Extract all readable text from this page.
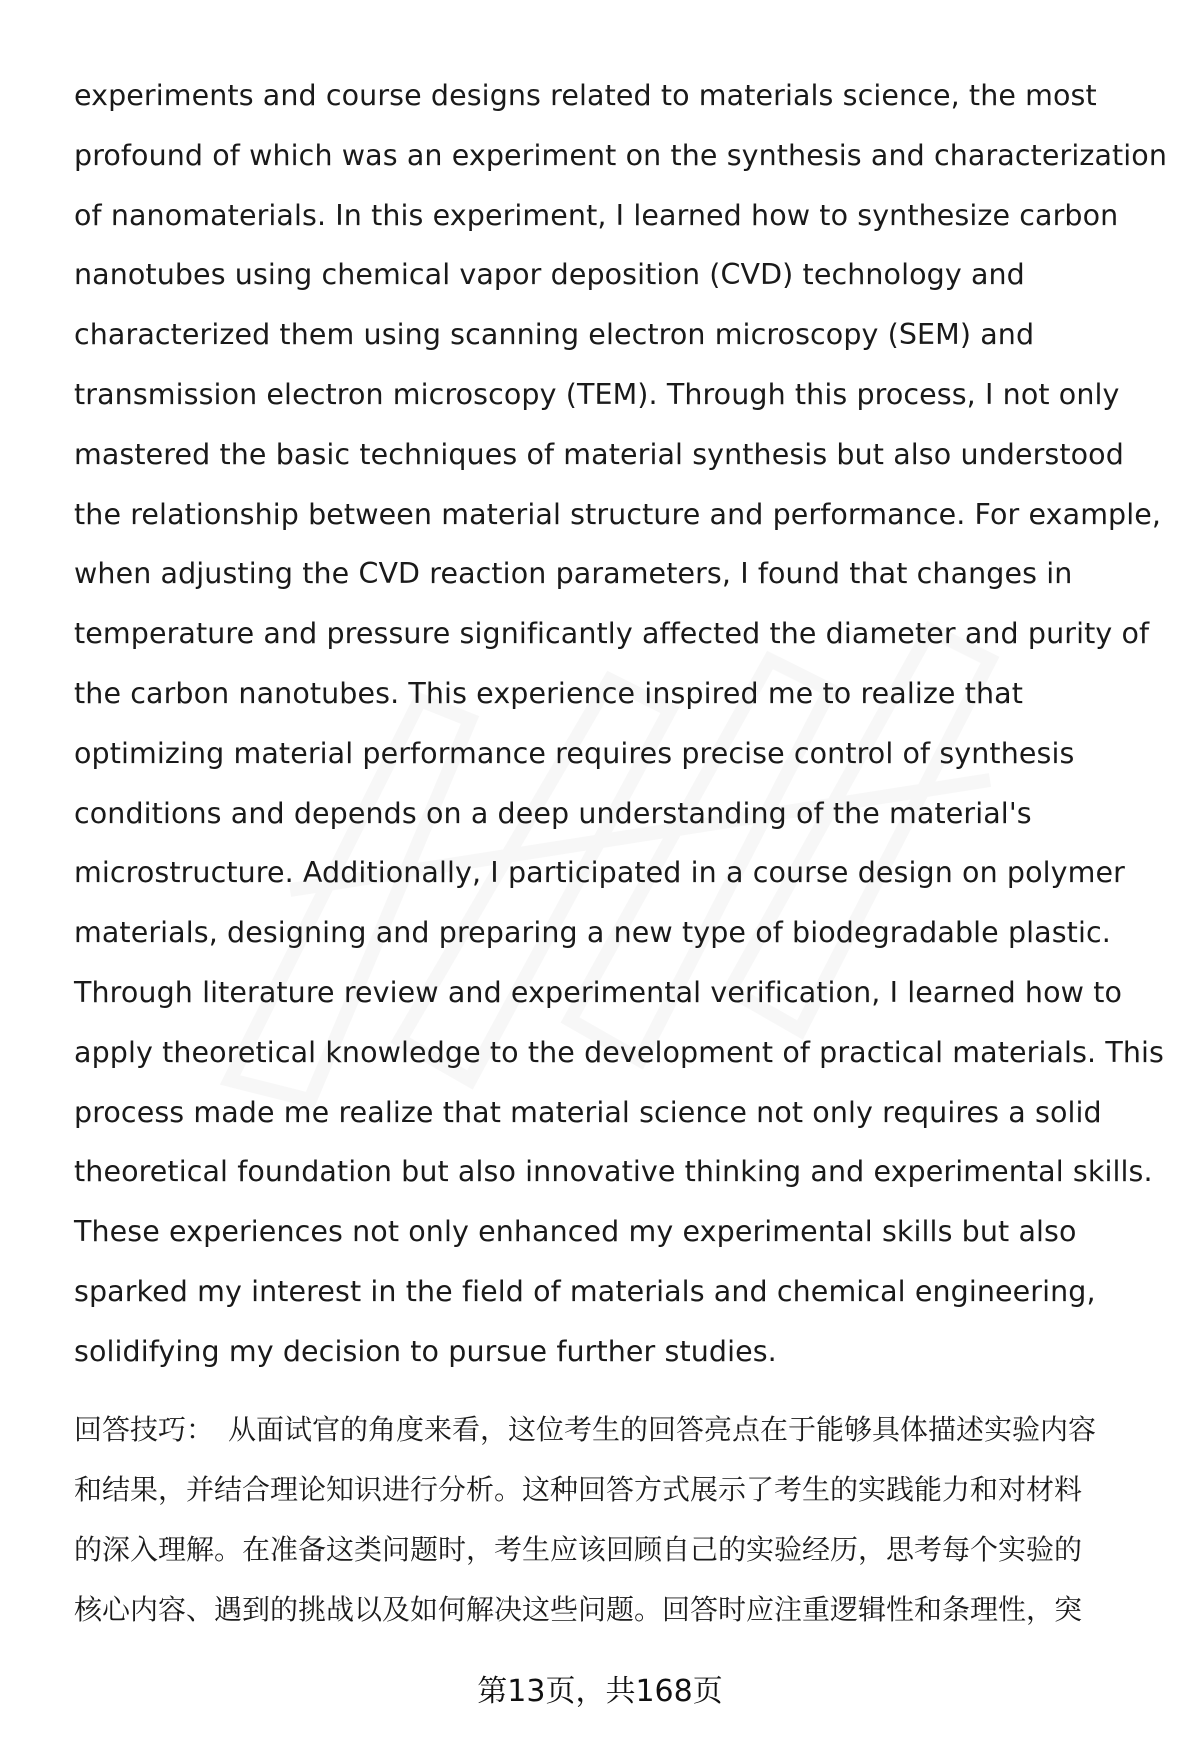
experiments and course designs related to materials science, the most
profound of which was an experiment on the synthesis and characterization
of nanomaterials. In this experiment, I learned how to synthesize carbon
nanotubes using chemical vapor deposition (CVD) technology and
characterized them using scanning electron microscopy (SEM) and
transmission electron microscopy (TEM). Through this process, I not only
mastered the basic techniques of material synthesis but also understood
the relationship between material structure and performance. For example,
when adjusting the CVD reaction parameters, I found that changes in
temperature and pressure significantly affected the diameter and purity of
the carbon nanotubes. This experience inspired me to realize that
optimizing material performance requires precise control of synthesis
conditions and depends on a deep understanding of the material's
microstructure. Additionally, I participated in a course design on polymer
materials, designing and preparing a new type of biodegradable plastic.
Through literature review and experimental verification, I learned how to
apply theoretical knowledge to the development of practical materials. This
process made me realize that material science not only requires a solid
theoretical foundation but also innovative thinking and experimental skills.
These experiences not only enhanced my experimental skills but also
sparked my interest in the field of materials and chemical engineering,
solidifying my decision to pursue further studies.
回答技巧： 从面试官的角度来看，这位考生的回答亮点在于能够具体描述实验内容
和结果，并结合理论知识进行分析。这种回答方式展示了考生的实践能力和对材料
的深入理解。在准备这类问题时，考生应该回顾自己的实验经历，思考每个实验的
核心内容、遇到的挑战以及如何解决这些问题。回答时应注重逻辑性和条理性，突
第13页，共168页
